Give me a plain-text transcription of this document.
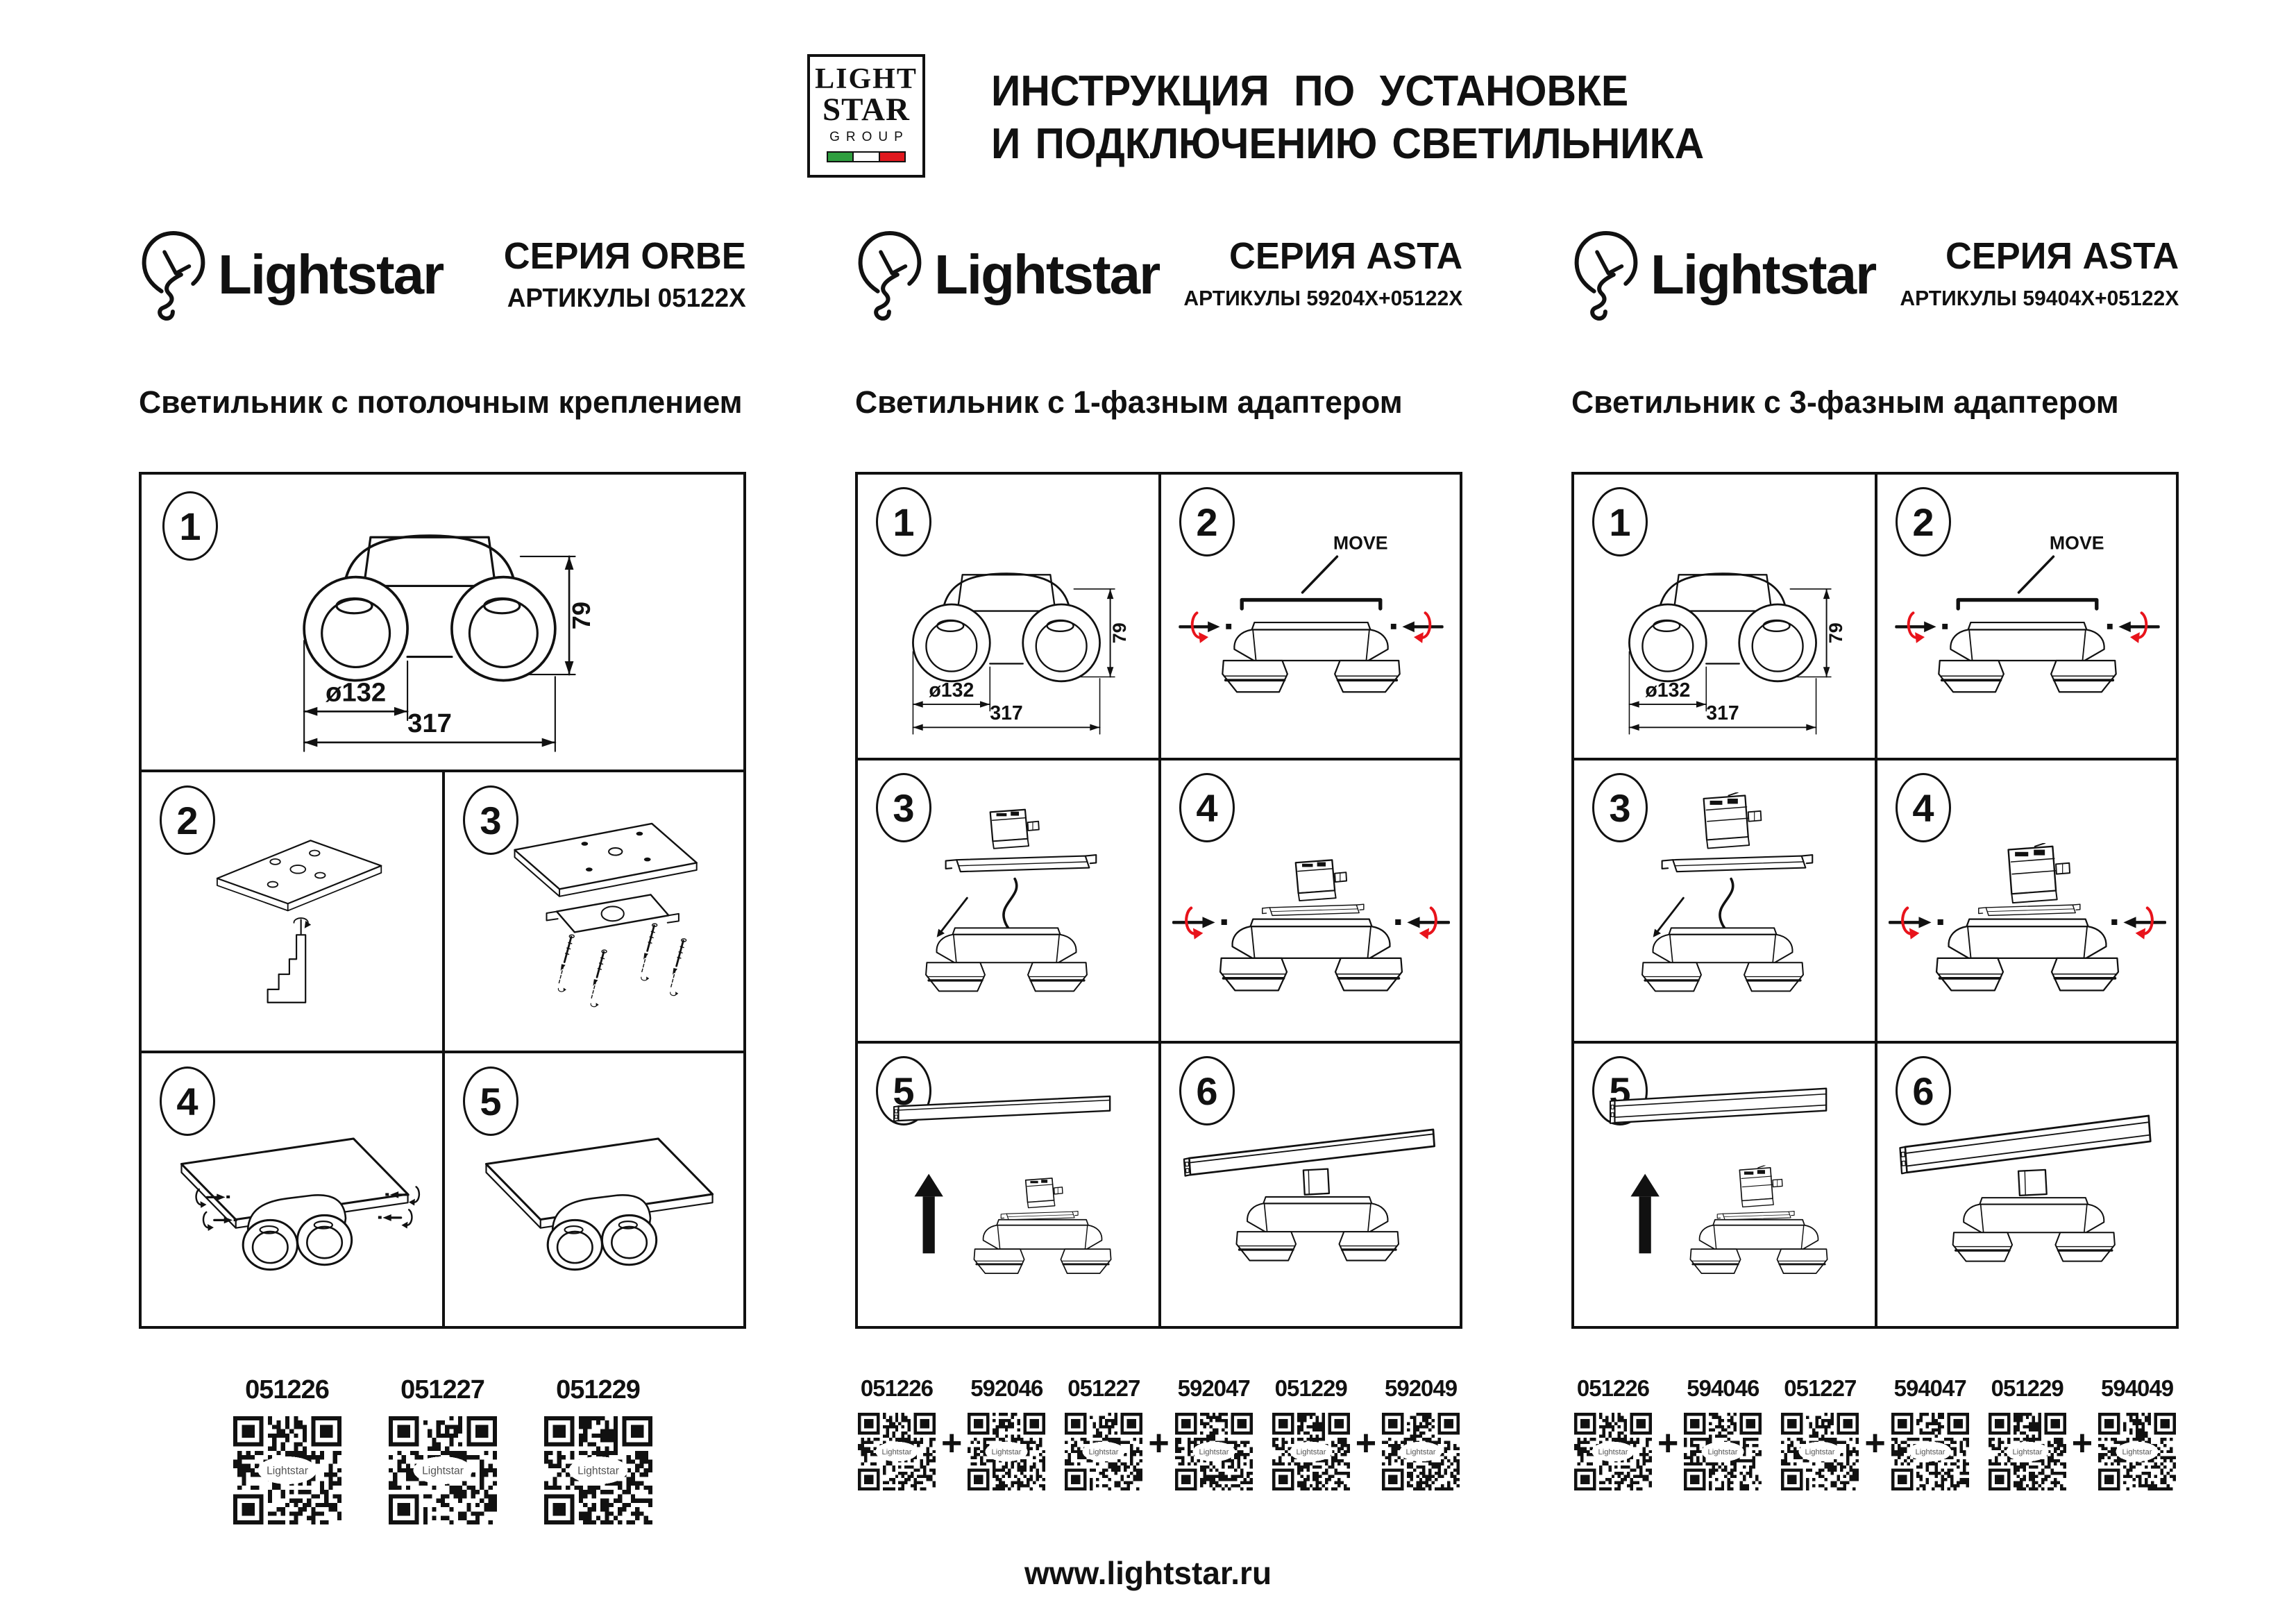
LIGHT
STAR
GROUP
ИНСТРУКЦИЯ ПО УСТАНОВКЕ
И ПОДКЛЮЧЕНИЮ СВЕТИЛЬНИКА
Lightstar СЕРИЯ ORBE
АРТИКУЛЫ 05122X
Светильник с потолочным креплением
1
79
ø132
317
2	3
4	5
051226
Lightstar
051227
Lightstar
051229
Lightstar
Lightstar	СЕРИЯ ASTA
АРТИКУЛЫ 59204X+05122X
Светильник с 1-фазным адаптером
1
79
ø132
317
2	MOVE
3	4
5	6
051226
Lightstar +
592046
Lightstar
051227
Lightstar +
592047
Lightstar
051229
Lightstar +
592049
Lightstar
Lightstar	СЕРИЯ ASTA
АРТИКУЛЫ 59404X+05122X
Светильник с 3-фазным адаптером
1
79
ø132
317
2	MOVE
3	4
5	6
051226
Lightstar +
594046
Lightstar
051227
Lightstar +
594047
Lightstar
051229
Lightstar +
594049
Lightstar
www.lightstar.ru
